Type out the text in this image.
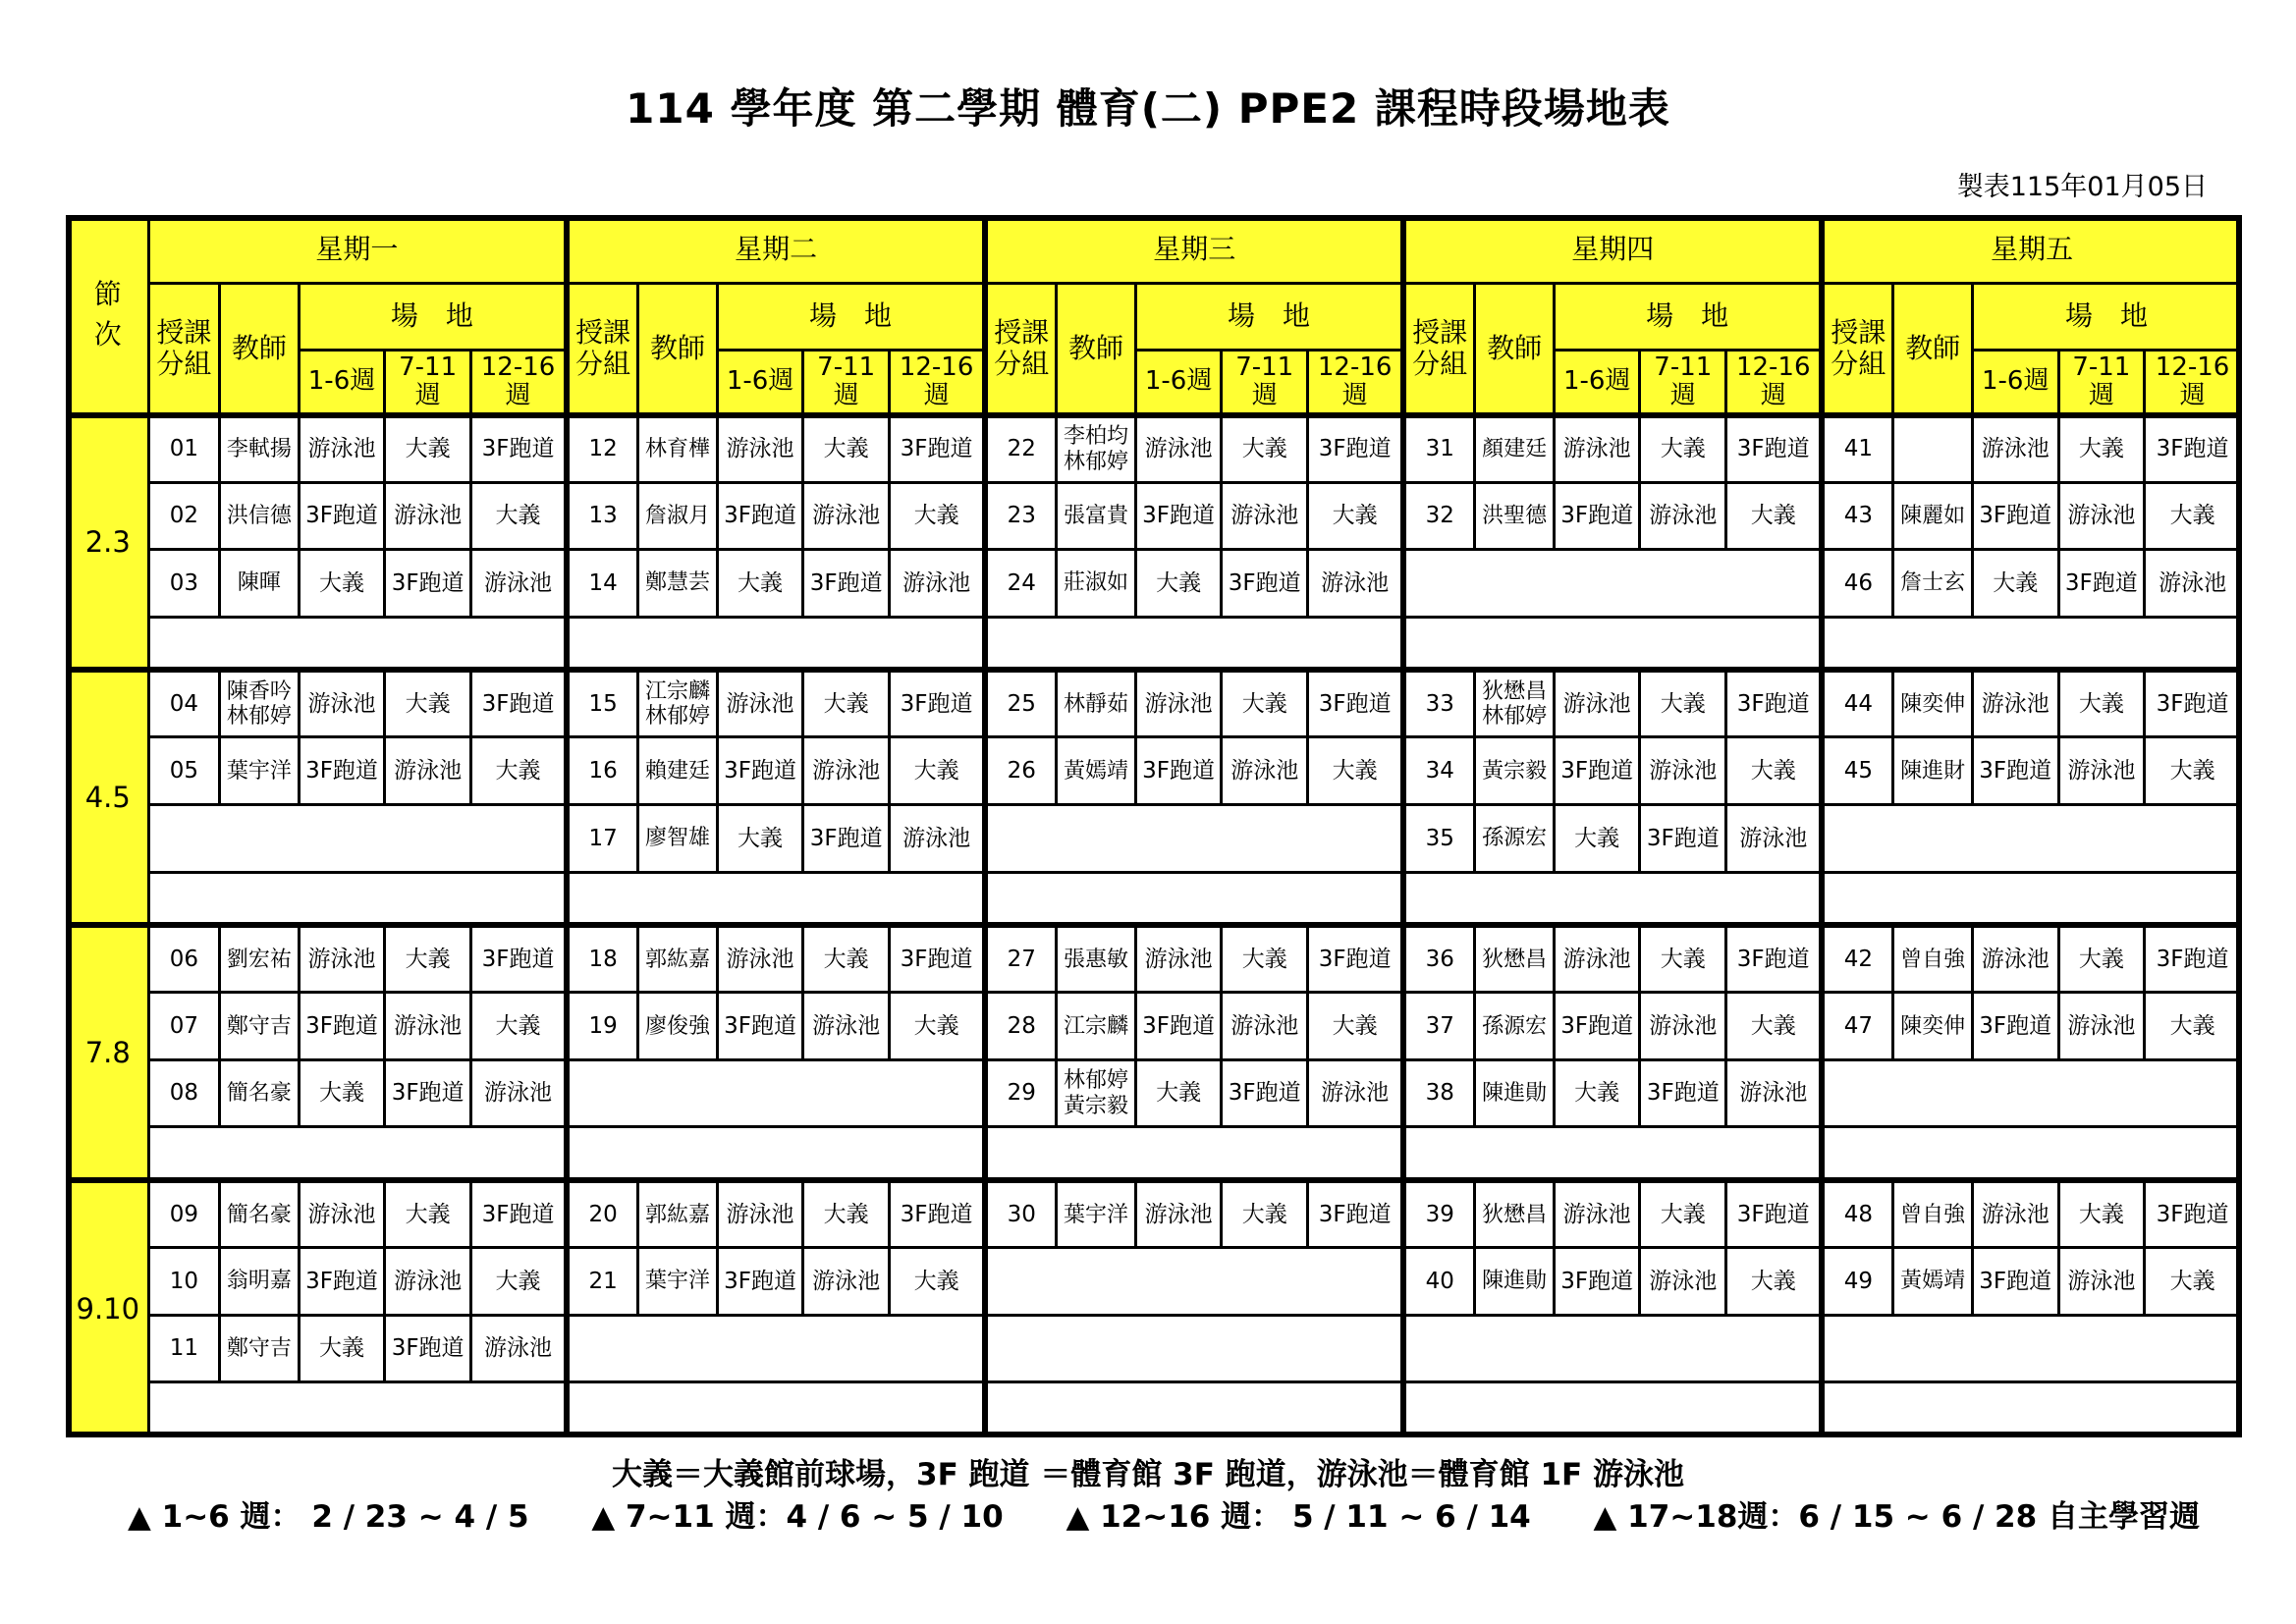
114 學年度 第二學期 體育(二) PPE2 課程時段場地表
製表115年01月05日
節
次	星期一					星期二					星期三					星期四					星期五				
	授課
分組	教師	場　地			授課
分組	教師	場　地			授課
分組	教師	場　地			授課
分組	教師	場　地			授課
分組	教師	場　地		
			1-6週	7-11
週	12-16
週			1-6週	7-11
週	12-16
週			1-6週	7-11
週	12-16
週			1-6週	7-11
週	12-16
週			1-6週	7-11
週	12-16
週
2.3	01	李軾揚	游泳池	大義	3F跑道	12	林育樺	游泳池	大義	3F跑道	22	李柏均
林郁婷	游泳池	大義	3F跑道	31	顏建廷	游泳池	大義	3F跑道	41		游泳池	大義	3F跑道
	02	洪信德	3F跑道	游泳池	大義	13	詹淑月	3F跑道	游泳池	大義	23	張富貴	3F跑道	游泳池	大義	32	洪聖德	3F跑道	游泳池	大義	43	陳麗如	3F跑道	游泳池	大義
	03	陳暉	大義	3F跑道	游泳池	14	鄭慧芸	大義	3F跑道	游泳池	24	莊淑如	大義	3F跑道	游泳池						46	詹士玄	大義	3F跑道	游泳池

4.5	04	陳香吟
林郁婷	游泳池	大義	3F跑道	15	江宗麟
林郁婷	游泳池	大義	3F跑道	25	林靜茹	游泳池	大義	3F跑道	33	狄懋昌
林郁婷	游泳池	大義	3F跑道	44	陳奕伸	游泳池	大義	3F跑道
	05	葉宇洋	3F跑道	游泳池	大義	16	賴建廷	3F跑道	游泳池	大義	26	黃嫣靖	3F跑道	游泳池	大義	34	黃宗毅	3F跑道	游泳池	大義	45	陳進財	3F跑道	游泳池	大義
						17	廖智雄	大義	3F跑道	游泳池						35	孫源宏	大義	3F跑道	游泳池					

7.8	06	劉宏祐	游泳池	大義	3F跑道	18	郭紘嘉	游泳池	大義	3F跑道	27	張惠敏	游泳池	大義	3F跑道	36	狄懋昌	游泳池	大義	3F跑道	42	曾自強	游泳池	大義	3F跑道
	07	鄭守吉	3F跑道	游泳池	大義	19	廖俊強	3F跑道	游泳池	大義	28	江宗麟	3F跑道	游泳池	大義	37	孫源宏	3F跑道	游泳池	大義	47	陳奕伸	3F跑道	游泳池	大義
	08	簡名豪	大義	3F跑道	游泳池						29	林郁婷
黃宗毅	大義	3F跑道	游泳池	38	陳進勛	大義	3F跑道	游泳池					

9.10	09	簡名豪	游泳池	大義	3F跑道	20	郭紘嘉	游泳池	大義	3F跑道	30	葉宇洋	游泳池	大義	3F跑道	39	狄懋昌	游泳池	大義	3F跑道	48	曾自強	游泳池	大義	3F跑道
	10	翁明嘉	3F跑道	游泳池	大義	21	葉宇洋	3F跑道	游泳池	大義						40	陳進勛	3F跑道	游泳池	大義	49	黃嫣靖	3F跑道	游泳池	大義
	11	鄭守吉	大義	3F跑道	游泳池																				

大義＝大義館前球場，3F 跑道 ＝體育館 3F 跑道，游泳池＝體育館 1F 游泳池
▲ 1~6 週： 2 / 23 ~ 4 / 5 ▲ 7~11 週：4 / 6 ~ 5 / 10 ▲ 12~16 週： 5 / 11 ~ 6 / 14 ▲ 17~18週：6 / 15 ~ 6 / 28 自主學習週
